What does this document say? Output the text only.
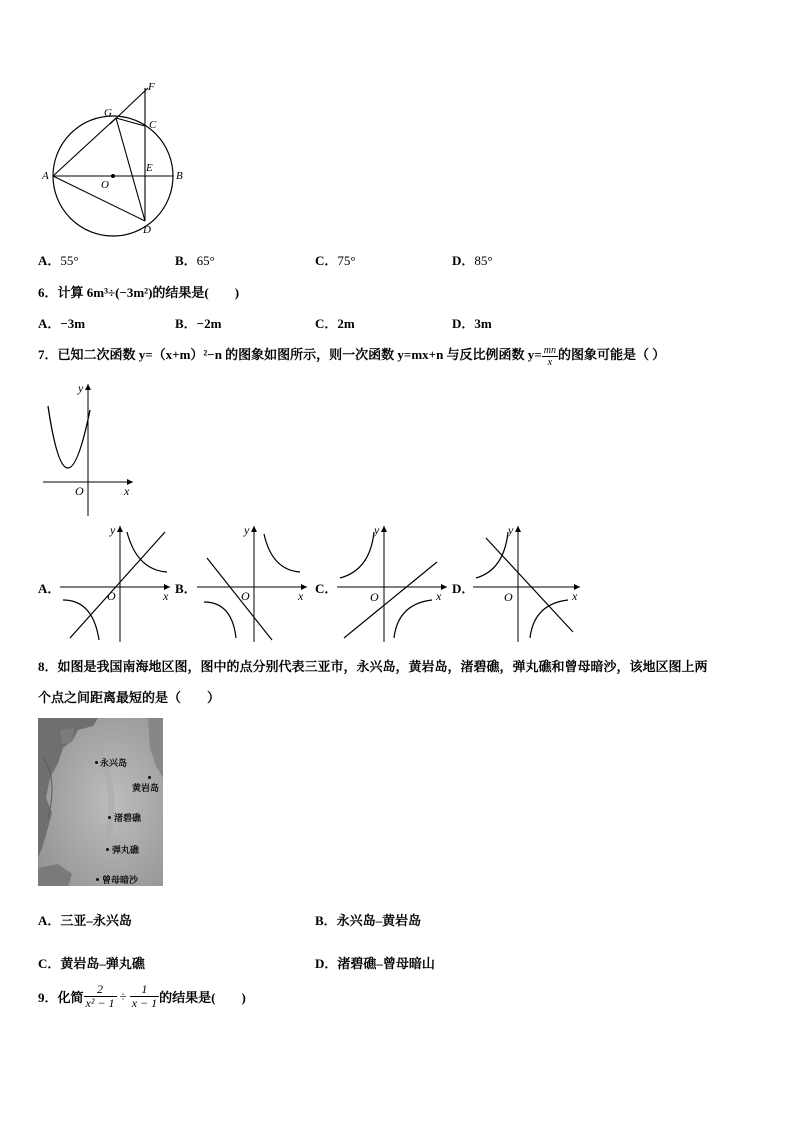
F
G
C
A
O
E
B
D
A．55°	B．65°	C．75°	D．85°
6．计算 6m³÷(−3m²)的结果是(　　)
A．−3m	B．−2m	C．2m	D．3m
7．已知二次函数 y=（x+m）²−n 的图象如图所示，则一次函数 y=mx+n 与反比例函数 $y= \frac{mn}{x}$ 的图象可能是（ ）
y
x
O
A．
y
x
O	B．
y
x
O	C．
y
x
O
D．
y
x
O
8．如图是我国南海地区图，图中的点分别代表三亚市，永兴岛，黄岩岛，渚碧礁，弹丸礁和曾母暗沙，该地区图上两
个点之间距离最短的是（　　）
永兴岛
黄岩岛
渚碧礁
弹丸礁
曾母暗沙
A．三亚–永兴岛	B．永兴岛–黄岩岛
C．黄岩岛–弹丸礁	D．渚碧礁–曾母暗山
9．化简 $\frac{2}{\text{x² − 1}} \div \frac{1}{x - 1}$ 的结果是(　　)
